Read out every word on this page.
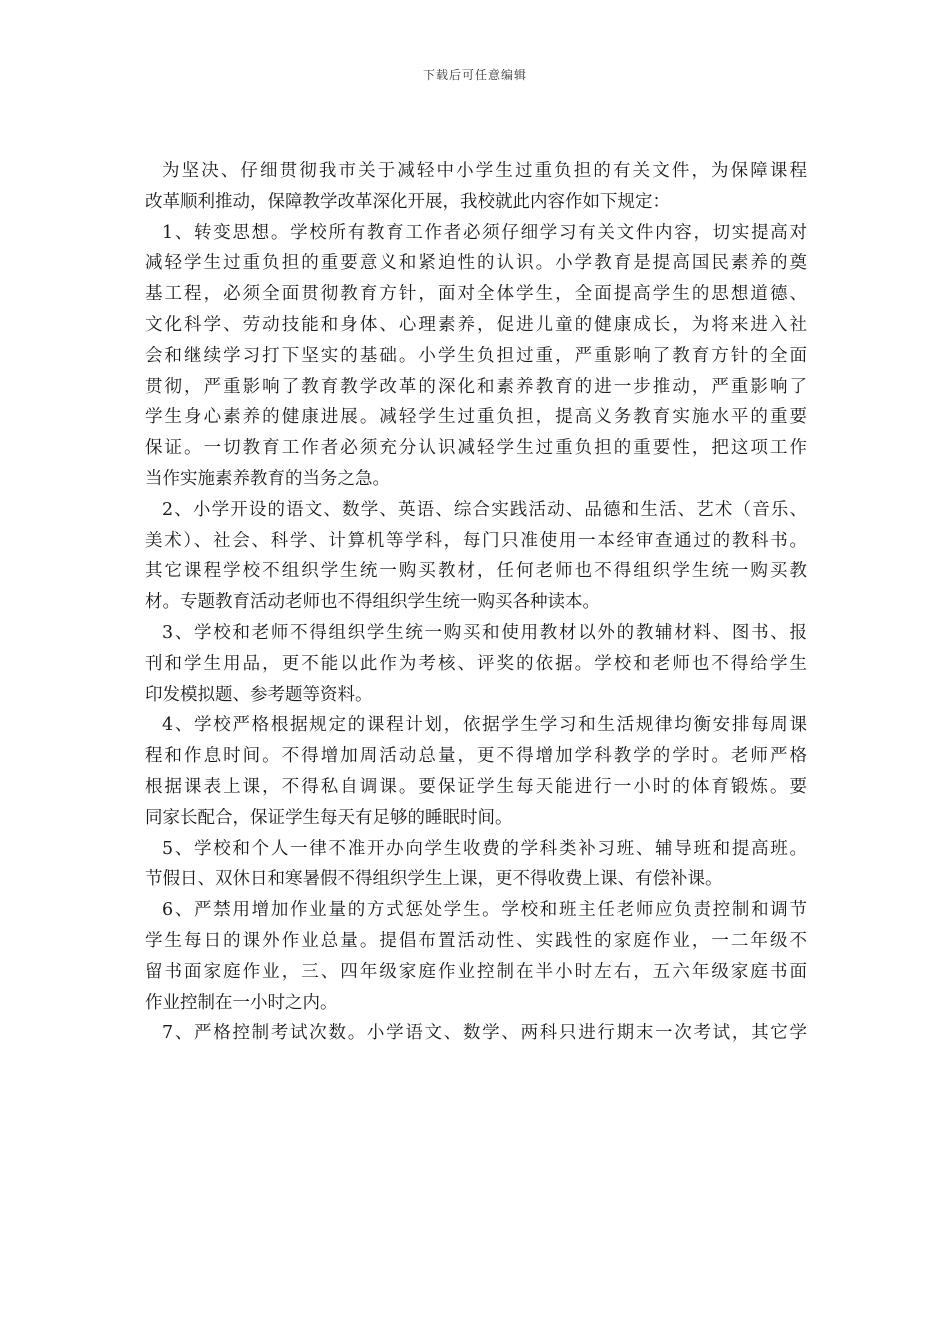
下载后可任意编辑

为坚决、仔细贯彻我市关于减轻中小学生过重负担的有关文件，为保障课程
改革顺利推动，保障教学改革深化开展，我校就此内容作如下规定：

1、转变思想。学校所有教育工作者必须仔细学习有关文件内容，切实提高对
减轻学生过重负担的重要意义和紧迫性的认识。小学教育是提高国民素养的奠
基工程，必须全面贯彻教育方针，面对全体学生，全面提高学生的思想道德、
文化科学、劳动技能和身体、心理素养，促进儿童的健康成长，为将来进入社
会和继续学习打下坚实的基础。小学生负担过重，严重影响了教育方针的全面
贯彻，严重影响了教育教学改革的深化和素养教育的进一步推动，严重影响了
学生身心素养的健康进展。减轻学生过重负担，提高义务教育实施水平的重要
保证。一切教育工作者必须充分认识减轻学生过重负担的重要性，把这项工作
当作实施素养教育的当务之急。

2、小学开设的语文、数学、英语、综合实践活动、品德和生活、艺术（音乐、
美术）、社会、科学、计算机等学科，每门只准使用一本经审查通过的教科书。
其它课程学校不组织学生统一购买教材，任何老师也不得组织学生统一购买教
材。专题教育活动老师也不得组织学生统一购买各种读本。

3、学校和老师不得组织学生统一购买和使用教材以外的教辅材料、图书、报
刊和学生用品，更不能以此作为考核、评奖的依据。学校和老师也不得给学生
印发模拟题、参考题等资料。

4、学校严格根据规定的课程计划，依据学生学习和生活规律均衡安排每周课
程和作息时间。不得增加周活动总量，更不得增加学科教学的学时。老师严格
根据课表上课，不得私自调课。要保证学生每天能进行一小时的体育锻炼。要
同家长配合，保证学生每天有足够的睡眠时间。

5、学校和个人一律不准开办向学生收费的学科类补习班、辅导班和提高班。
节假日、双休日和寒暑假不得组织学生上课，更不得收费上课、有偿补课。

6、严禁用增加作业量的方式惩处学生。学校和班主任老师应负责控制和调节
学生每日的课外作业总量。提倡布置活动性、实践性的家庭作业，一二年级不
留书面家庭作业，三、四年级家庭作业控制在半小时左右，五六年级家庭书面
作业控制在一小时之内。

7、严格控制考试次数。小学语文、数学、两科只进行期末一次考试，其它学
